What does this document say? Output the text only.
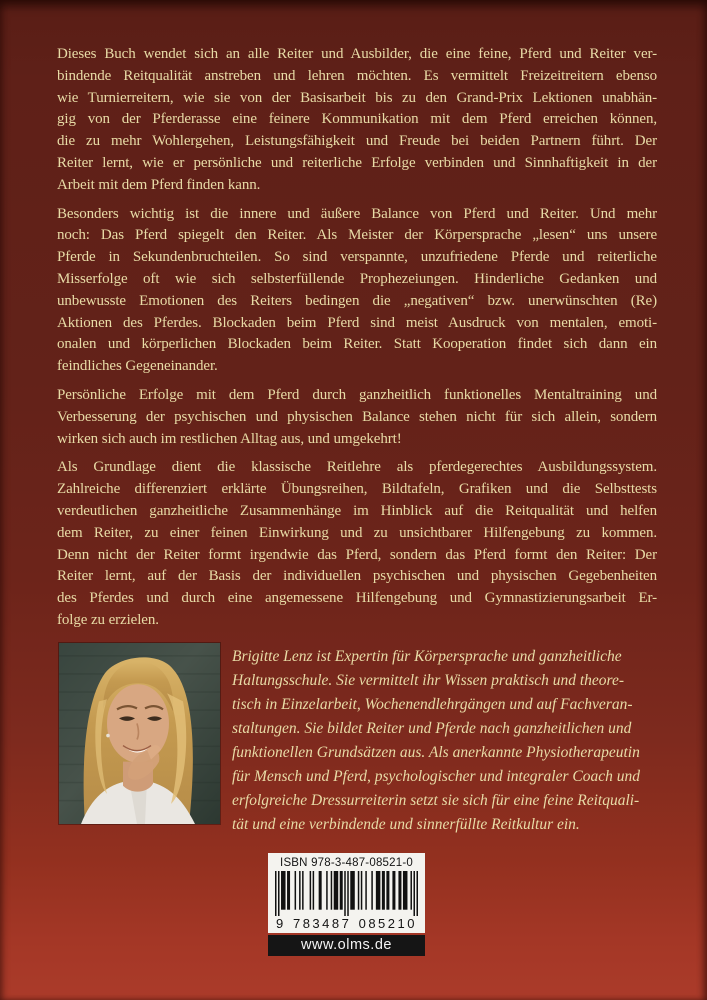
Dieses Buch wendet sich an alle Reiter und Ausbilder, die eine feine, Pferd und Reiter ver-
bindende Reitqualität anstreben und lehren möchten. Es vermittelt Freizeitreitern ebenso
wie Turnierreitern, wie sie von der Basisarbeit bis zu den Grand-Prix Lektionen unabhän-
gig von der Pferderasse eine feinere Kommunikation mit dem Pferd erreichen können,
die zu mehr Wohlergehen, Leistungsfähigkeit und Freude bei beiden Partnern führt. Der
Reiter lernt, wie er persönliche und reiterliche Erfolge verbinden und Sinnhaftigkeit in der
Arbeit mit dem Pferd finden kann.

Besonders wichtig ist die innere und äußere Balance von Pferd und Reiter. Und mehr
noch: Das Pferd spiegelt den Reiter. Als Meister der Körpersprache „lesen“ uns unsere
Pferde in Sekundenbruchteilen. So sind verspannte, unzufriedene Pferde und reiterliche
Misserfolge oft wie sich selbsterfüllende Prophezeiungen. Hinderliche Gedanken und
unbewusste Emotionen des Reiters bedingen die „negativen“ bzw. unerwünschten (Re)
Aktionen des Pferdes. Blockaden beim Pferd sind meist Ausdruck von mentalen, emoti-
onalen und körperlichen Blockaden beim Reiter. Statt Kooperation findet sich dann ein
feindliches Gegeneinander.

Persönliche Erfolge mit dem Pferd durch ganzheitlich funktionelles Mentaltraining und
Verbesserung der psychischen und physischen Balance stehen nicht für sich allein, sondern
wirken sich auch im restlichen Alltag aus, und umgekehrt!

Als Grundlage dient die klassische Reitlehre als pferdegerechtes Ausbildungssystem.
Zahlreiche differenziert erklärte Übungsreihen, Bildtafeln, Grafiken und die Selbsttests
verdeutlichen ganzheitliche Zusammenhänge im Hinblick auf die Reitqualität und helfen
dem Reiter, zu einer feinen Einwirkung und zu unsichtbarer Hilfengebung zu kommen.
Denn nicht der Reiter formt irgendwie das Pferd, sondern das Pferd formt den Reiter: Der
Reiter lernt, auf der Basis der individuellen psychischen und physischen Gegebenheiten
des Pferdes und durch eine angemessene Hilfengebung und Gymnastizierungsarbeit Er-
folge zu erzielen.

Brigitte Lenz ist Expertin für Körpersprache und ganzheitliche
Haltungsschule. Sie vermittelt ihr Wissen praktisch und theore-
tisch in Einzelarbeit, Wochenendlehrgängen und auf Fachveran-
staltungen. Sie bildet Reiter und Pferde nach ganzheitlichen und
funktionellen Grundsätzen aus. Als anerkannte Physiotherapeutin
für Mensch und Pferd, psychologischer und integraler Coach und
erfolgreiche Dressurreiterin setzt sie sich für eine feine Reitquali-
tät und eine verbindende und sinnerfüllte Reitkultur ein.
ISBN 978-3-487-08521-0
9 783487 085210
www.olms.de
